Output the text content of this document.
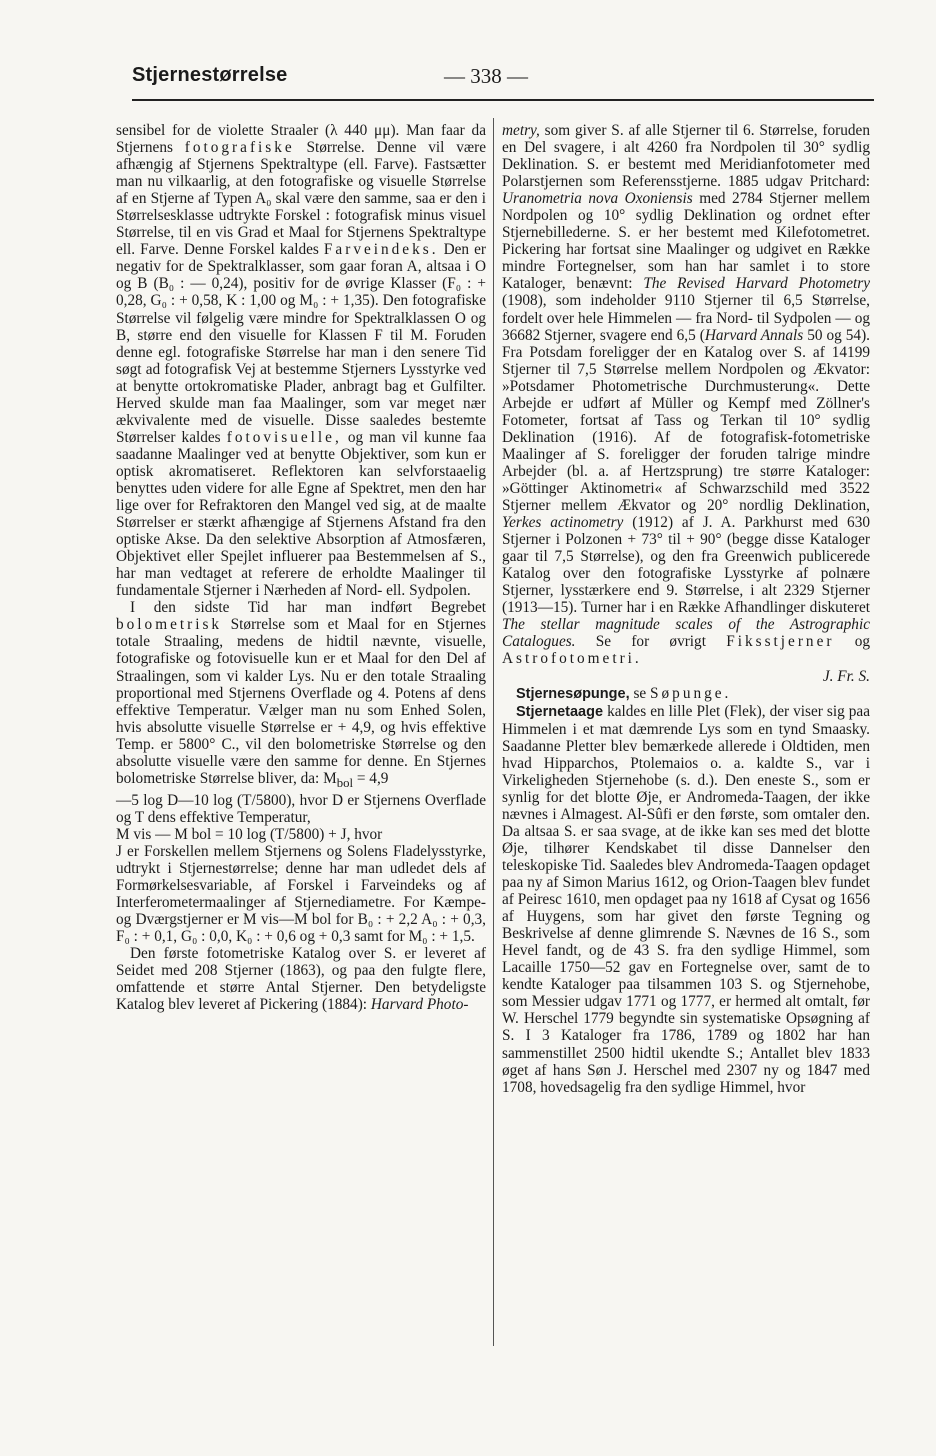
Stjernestørrelse	— 338 —

sensibel for de violette Straaler (λ 440 μμ). Man faar da Stjernens fotografiske Størrelse. Denne vil være afhængig af Stjernens Spektraltype (ell. Farve). Fastsætter man nu vilkaarlig, at den fotografiske og visuelle Størrelse af en Stjerne af Typen A₀ skal være den samme, saa er den i Størrelsesklasse udtrykte Forskel : fotografisk minus visuel Størrelse, til en vis Grad et Maal for Stjernens Spektraltype ell. Farve. Denne Forskel kaldes Farveindeks. Den er negativ for de Spektralklasser, som gaar foran A, altsaa i O og B (B₀ : — 0,24), positiv for de øvrige Klasser (F₀ : + 0,28, G₀ : + 0,58, K : 1,00 og M₀ : + 1,35). Den fotografiske Størrelse vil følgelig være mindre for Spektralklassen O og B, større end den visuelle for Klassen F til M. Foruden denne egl. fotografiske Størrelse har man i den senere Tid søgt ad fotografisk Vej at bestemme Stjerners Lysstyrke ved at benytte ortokromatiske Plader, anbragt bag et Gulfilter. Herved skulde man faa Maalinger, som var meget nær ækvivalente med de visuelle. Disse saaledes bestemte Størrelser kaldes fotovisuelle, og man vil kunne faa saadanne Maalinger ved at benytte Objektiver, som kun er optisk akromatiseret. Reflektoren kan selvforstaaelig benyttes uden videre for alle Egne af Spektret, men den har lige over for Refraktoren den Mangel ved sig, at de maalte Størrelser er stærkt afhængige af Stjernens Afstand fra den optiske Akse. Da den selektive Absorption af Atmosfæren, Objektivet eller Spejlet influerer paa Bestemmelsen af S., har man vedtaget at referere de erholdte Maalinger til fundamentale Stjerner i Nærheden af Nord- ell. Sydpolen.

I den sidste Tid har man indført Begrebet bolometrisk Størrelse som et Maal for en Stjernes totale Straaling, medens de hidtil nævnte, visuelle, fotografiske og fotovisuelle kun er et Maal for den Del af Straalingen, som vi kalder Lys. Nu er den totale Straaling proportional med Stjernens Overflade og 4. Potens af dens effektive Temperatur. Vælger man nu som Enhed Solen, hvis absolutte visuelle Størrelse er + 4,9, og hvis effektive Temp. er 5800° C., vil den bolometriske Størrelse og den absolutte visuelle være den samme for denne. En Stjernes bolometriske Størrelse bliver, da: $M_{bol} = 4,9$

—5 log D—10 log (T/5800), hvor D er Stjernens Overflade og T dens effektive Temperatur,

M vis — M bol = 10 log (T/5800) + J, hvor

J er Forskellen mellem Stjernens og Solens Fladelysstyrke, udtrykt i Stjernestørrelse; denne har man udledet dels af Formørkelsesvariable, af Forskel i Farveindeks og af Interferometermaalinger af Stjernediametre. For Kæmpe- og Dværgstjerner er M vis—M bol for B₀ : + 2,2 A₀ : + 0,3, F₀ : + 0,1, G₀ : 0,0, K₀ : + 0,6 og + 0,3 samt for M₀ : + 1,5.

Den første fotometriske Katalog over S. er leveret af Seidet med 208 Stjerner (1863), og paa den fulgte flere, omfattende et større Antal Stjerner. Den betydeligste Katalog blev leveret af Pickering (1884): Harvard Photo-

metry, som giver S. af alle Stjerner til 6. Størrelse, foruden en Del svagere, i alt 4260 fra Nordpolen til 30° sydlig Deklination. S. er bestemt med Meridianfotometer med Polarstjernen som Referensstjerne. 1885 udgav Pritchard: Uranometria nova Oxoniensis med 2784 Stjerner mellem Nordpolen og 10° sydlig Deklination og ordnet efter Stjernebillederne. S. er her bestemt med Kilefotometret. Pickering har fortsat sine Maalinger og udgivet en Række mindre Fortegnelser, som han har samlet i to store Kataloger, benævnt: The Revised Harvard Photometry (1908), som indeholder 9110 Stjerner til 6,5 Størrelse, fordelt over hele Himmelen — fra Nord- til Sydpolen — og 36682 Stjerner, svagere end 6,5 (Harvard Annals 50 og 54). Fra Potsdam foreligger der en Katalog over S. af 14199 Stjerner til 7,5 Størrelse mellem Nordpolen og Ækvator: »Potsdamer Photometrische Durchmusterung«. Dette Arbejde er udført af Müller og Kempf med Zöllner's Fotometer, fortsat af Tass og Terkan til 10° sydlig Deklination (1916). Af de fotografisk-fotometriske Maalinger af S. foreligger der foruden talrige mindre Arbejder (bl. a. af Hertzsprung) tre større Kataloger: »Göttinger Aktinometri« af Schwarzschild med 3522 Stjerner mellem Ækvator og 20° nordlig Deklination, Yerkes actinometry (1912) af J. A. Parkhurst med 630 Stjerner i Polzonen + 73° til + 90° (begge disse Kataloger gaar til 7,5 Størrelse), og den fra Greenwich publicerede Katalog over den fotografiske Lysstyrke af polnære Stjerner, lysstærkere end 9. Størrelse, i alt 2329 Stjerner (1913—15). Turner har i en Række Afhandlinger diskuteret The stellar magnitude scales of the Astrographic Catalogues. Se for øvrigt Fiksstjerner og Astrofotometri.

J. Fr. S.

Stjernesøpunge, se Søpunge.

Stjernetaage kaldes en lille Plet (Flek), der viser sig paa Himmelen i et mat dæmrende Lys som en tynd Smaasky. Saadanne Pletter blev bemærkede allerede i Oldtiden, men hvad Hipparchos, Ptolemaios o. a. kaldte S., var i Virkeligheden Stjernehobe (s. d.). Den eneste S., som er synlig for det blotte Øje, er Andromeda-Taagen, der ikke nævnes i Almagest. Al-Sûfi er den første, som omtaler den. Da altsaa S. er saa svage, at de ikke kan ses med det blotte Øje, tilhører Kendskabet til disse Dannelser den teleskopiske Tid. Saaledes blev Andromeda-Taagen opdaget paa ny af Simon Marius 1612, og Orion-Taagen blev fundet af Peiresc 1610, men opdaget paa ny 1618 af Cysat og 1656 af Huygens, som har givet den første Tegning og Beskrivelse af denne glimrende S. Nævnes de 16 S., som Hevel fandt, og de 43 S. fra den sydlige Himmel, som Lacaille 1750—52 gav en Fortegnelse over, samt de to kendte Kataloger paa tilsammen 103 S. og Stjernehobe, som Messier udgav 1771 og 1777, er hermed alt omtalt, før W. Herschel 1779 begyndte sin systematiske Opsøgning af S. I 3 Kataloger fra 1786, 1789 og 1802 har han sammenstillet 2500 hidtil ukendte S.; Antallet blev 1833 øget af hans Søn J. Herschel med 2307 ny og 1847 med 1708, hovedsagelig fra den sydlige Himmel, hvor
